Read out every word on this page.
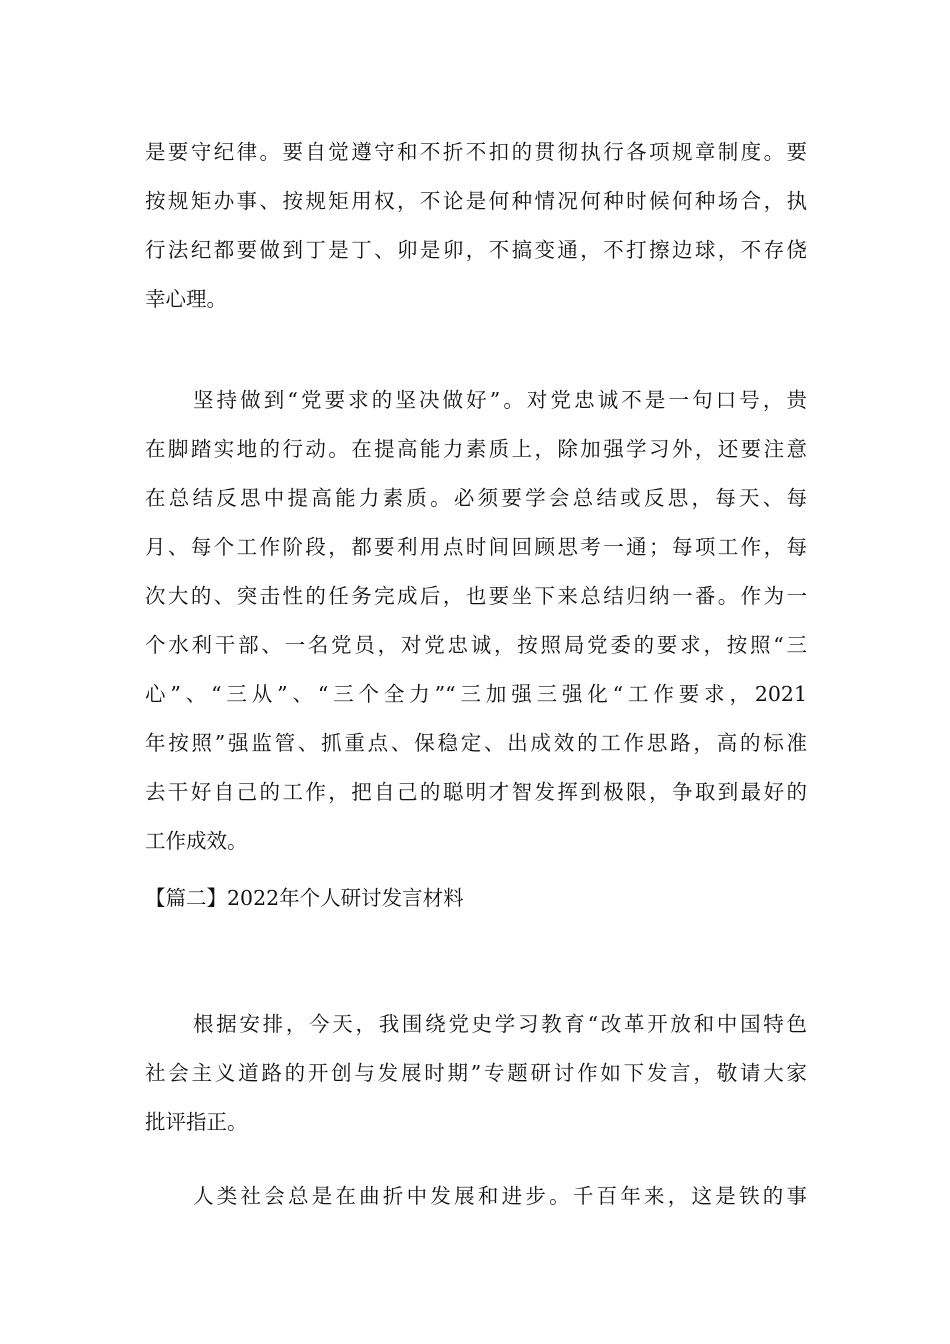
是要守纪律。要自觉遵守和不折不扣的贯彻执行各项规章制度。要
按规矩办事、按规矩用权，不论是何种情况何种时候何种场合，执
行法纪都要做到丁是丁、卯是卯，不搞变通，不打擦边球，不存侥
幸心理。
坚持做到“党要求的坚决做好”。对党忠诚不是一句口号，贵
在脚踏实地的行动。在提高能力素质上，除加强学习外，还要注意
在总结反思中提高能力素质。必须要学会总结或反思，每天、每
月、每个工作阶段，都要利用点时间回顾思考一通；每项工作，每
次大的、突击性的任务完成后，也要坐下来总结归纳一番。作为一
个水利干部、一名党员，对党忠诚，按照局党委的要求，按照“三
心”、“三从”、“三个全力”“三加强三强化“工作要求，2021
年按照”强监管、抓重点、保稳定、出成效的工作思路，高的标准
去干好自己的工作，把自己的聪明才智发挥到极限，争取到最好的
工作成效。

【篇二】2022年个人研讨发言材料

根据安排，今天，我围绕党史学习教育“改革开放和中国特色
社会主义道路的开创与发展时期”专题研讨作如下发言，敬请大家
批评指正。
人类社会总是在曲折中发展和进步。千百年来，这是铁的事
